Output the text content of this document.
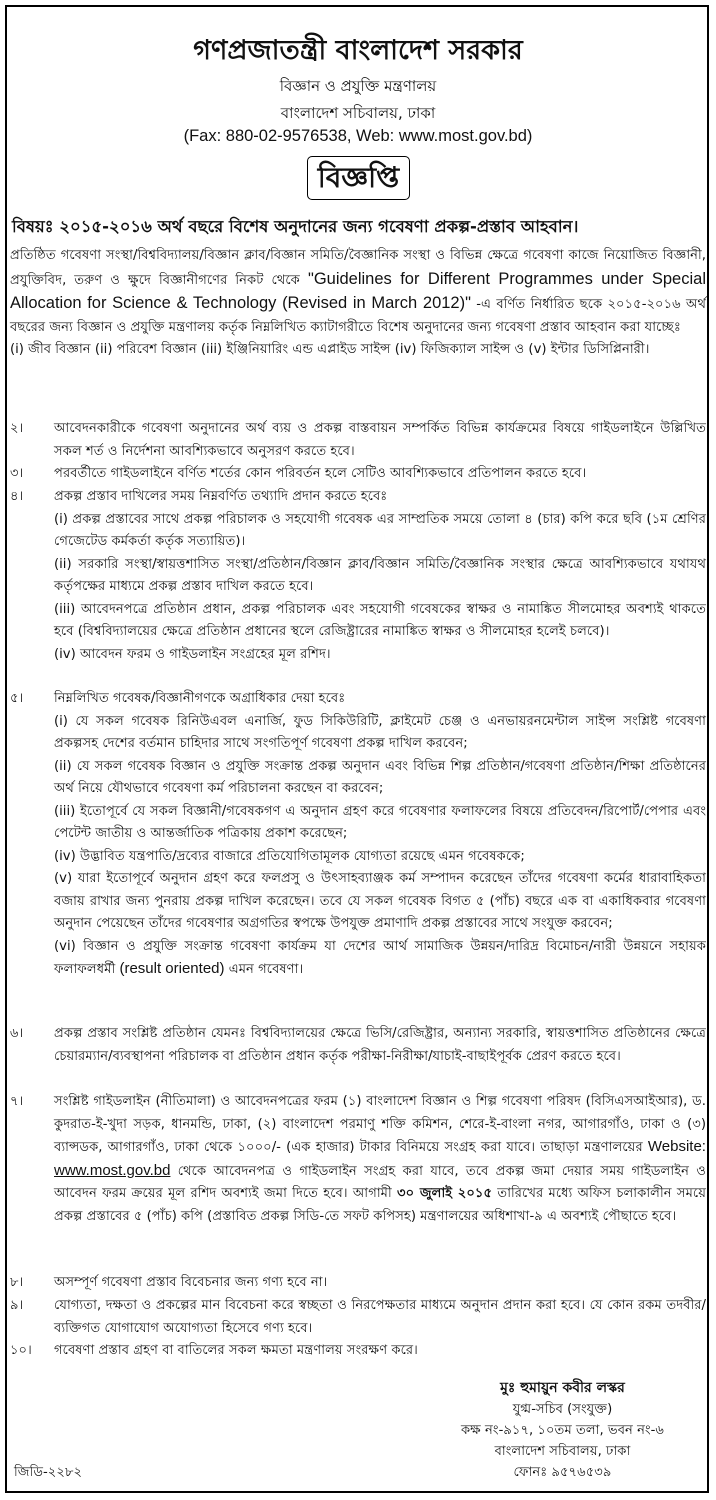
গণপ্রজাতন্ত্রী বাংলাদেশ সরকার
বিজ্ঞান ও প্রযুক্তি মন্ত্রণালয়
বাংলাদেশ সচিবালয়, ঢাকা
(Fax: 880-02-9576538, Web: www.most.gov.bd)
বিজ্ঞপ্তি
বিষয়ঃ ২০১৫-২০১৬ অর্থ বছরে বিশেষ অনুদানের জন্য গবেষণা প্রকল্প-প্রস্তাব আহবান।
প্রতিষ্ঠিত গবেষণা সংস্থা/বিশ্ববিদ্যালয়/বিজ্ঞান ক্লাব/বিজ্ঞান সমিতি/বৈজ্ঞানিক সংস্থা ও বিভিন্ন ক্ষেত্রে গবেষণা কাজে নিয়োজিত বিজ্ঞানী, প্রযুক্তিবিদ, তরুণ ও ক্ষুদে বিজ্ঞানীগণের নিকট থেকে "Guidelines for Different Programmes under Special Allocation for Science & Technology (Revised in March 2012)" -এ বর্ণিত নির্ধারিত ছকে ২০১৫-২০১৬ অর্থ বছরের জন্য বিজ্ঞান ও প্রযুক্তি মন্ত্রণালয় কর্তৃক নিম্নলিখিত ক্যাটাগরীতে বিশেষ অনুদানের জন্য গবেষণা প্রস্তাব আহবান করা যাচ্ছেঃ
(i) জীব বিজ্ঞান (ii) পরিবেশ বিজ্ঞান (iii) ইঞ্জিনিয়ারিং এন্ড এপ্লাইড সাইন্স (iv) ফিজিক্যাল সাইন্স ও (v) ইন্টার ডিসিপ্লিনারী।
২।	আবেদনকারীকে গবেষণা অনুদানের অর্থ ব্যয় ও প্রকল্প বাস্তবায়ন সম্পর্কিত বিভিন্ন কার্যক্রমের বিষয়ে গাইডলাইনে উল্লিখিত সকল শর্ত ও নির্দেশনা আবশ্যিকভাবে অনুসরণ করতে হবে।
৩।	পরবর্তীতে গাইডলাইনে বর্ণিত শর্তের কোন পরিবর্তন হলে সেটিও আবশ্যিকভাবে প্রতিপালন করতে হবে।
৪।	প্রকল্প প্রস্তাব দাখিলের সময় নিম্নবর্ণিত তথ্যাদি প্রদান করতে হবেঃ
(i) প্রকল্প প্রস্তাবের সাথে প্রকল্প পরিচালক ও সহযোগী গবেষক এর সাম্প্রতিক সময়ে তোলা ৪ (চার) কপি করে ছবি (১ম শ্রেণির গেজেটেড কর্মকর্তা কর্তৃক সত্যায়িত)।
(ii) সরকারি সংস্থা/স্বায়ত্তশাসিত সংস্থা/প্রতিষ্ঠান/বিজ্ঞান ক্লাব/বিজ্ঞান সমিতি/বৈজ্ঞানিক সংস্থার ক্ষেত্রে আবশ্যিকভাবে যথাযথ কর্তৃপক্ষের মাধ্যমে প্রকল্প প্রস্তাব দাখিল করতে হবে।
(iii) আবেদনপত্রে প্রতিষ্ঠান প্রধান, প্রকল্প পরিচালক এবং সহযোগী গবেষকের স্বাক্ষর ও নামাঙ্কিত সীলমোহর অবশ্যই থাকতে হবে (বিশ্ববিদ্যালয়ের ক্ষেত্রে প্রতিষ্ঠান প্রধানের স্থলে রেজিষ্ট্রারের নামাঙ্কিত স্বাক্ষর ও সীলমোহর হলেই চলবে)।
(iv) আবেদন ফরম ও গাইডলাইন সংগ্রহের মূল রশিদ।
৫।	নিম্নলিখিত গবেষক/বিজ্ঞানীগণকে অগ্রাধিকার দেয়া হবেঃ
(i) যে সকল গবেষক রিনিউএবল এনার্জি, ফুড সিকিউরিটি, ক্লাইমেট চেঞ্জ ও এনভায়রনমেন্টাল সাইন্স সংশ্লিষ্ট গবেষণা প্রকল্পসহ দেশের বর্তমান চাহিদার সাথে সংগতিপূর্ণ গবেষণা প্রকল্প দাখিল করবেন;
(ii) যে সকল গবেষক বিজ্ঞান ও প্রযুক্তি সংক্রান্ত প্রকল্প অনুদান এবং বিভিন্ন শিল্প প্রতিষ্ঠান/গবেষণা প্রতিষ্ঠান/শিক্ষা প্রতিষ্ঠানের অর্থ নিয়ে যৌথভাবে গবেষণা কর্ম পরিচালনা করছেন বা করবেন;
(iii) ইতোপূর্বে যে সকল বিজ্ঞানী/গবেষকগণ এ অনুদান গ্রহণ করে গবেষণার ফলাফলের বিষয়ে প্রতিবেদন/রিপোর্ট/পেপার এবং পেটেন্ট জাতীয় ও আন্তর্জাতিক পত্রিকায় প্রকাশ করেছেন;
(iv) উদ্ভাবিত যন্ত্রপাতি/দ্রব্যের বাজারে প্রতিযোগিতামূলক যোগ্যতা রয়েছে এমন গবেষককে;
(v) যারা ইতোপূর্বে অনুদান গ্রহণ করে ফলপ্রসু ও উৎসাহব্যাঞ্জক কর্ম সম্পাদন করেছেন তাঁদের গবেষণা কর্মের ধারাবাহিকতা বজায় রাখার জন্য পুনরায় প্রকল্প দাখিল করেছেন। তবে যে সকল গবেষক বিগত ৫ (পাঁচ) বছরে এক বা একাধিকবার গবেষণা অনুদান পেয়েছেন তাঁদের গবেষণার অগ্রগতির স্বপক্ষে উপযুক্ত প্রমাণাদি প্রকল্প প্রস্তাবের সাথে সংযুক্ত করবেন;
(vi) বিজ্ঞান ও প্রযুক্তি সংক্রান্ত গবেষণা কার্যক্রম যা দেশের আর্থ সামাজিক উন্নয়ন/দারিদ্র বিমোচন/নারী উন্নয়নে সহায়ক ফলাফলধর্মী (result oriented) এমন গবেষণা।
৬।	প্রকল্প প্রস্তাব সংশ্লিষ্ট প্রতিষ্ঠান যেমনঃ বিশ্ববিদ্যালয়ের ক্ষেত্রে ভিসি/রেজিষ্ট্রার, অন্যান্য সরকারি, স্বায়ত্তশাসিত প্রতিষ্ঠানের ক্ষেত্রে চেয়ারম্যান/ব্যবস্থাপনা পরিচালক বা প্রতিষ্ঠান প্রধান কর্তৃক পরীক্ষা-নিরীক্ষা/যাচাই-বাছাইপূর্বক প্রেরণ করতে হবে।
৭।	সংশ্লিষ্ট গাইডলাইন (নীতিমালা) ও আবেদনপত্রের ফরম (১) বাংলাদেশ বিজ্ঞান ও শিল্প গবেষণা পরিষদ (বিসিএসআইআর), ড. কুদরাত-ই-খুদা সড়ক, ধানমন্ডি, ঢাকা, (২) বাংলাদেশ পরমাণু শক্তি কমিশন, শেরে-ই-বাংলা নগর, আগারগাঁও, ঢাকা ও (৩) ব্যান্সডক, আগারগাঁও, ঢাকা থেকে ১০০০/- (এক হাজার) টাকার বিনিময়ে সংগ্রহ করা যাবে। তাছাড়া মন্ত্রণালয়ের Website: www.most.gov.bd থেকে আবেদনপত্র ও গাইডলাইন সংগ্রহ করা যাবে, তবে প্রকল্প জমা দেয়ার সময় গাইডলাইন ও আবেদন ফরম ক্রয়ের মূল রশিদ অবশ্যই জমা দিতে হবে। আগামী ৩০ জুলাই ২০১৫ তারিখের মধ্যে অফিস চলাকালীন সময়ে প্রকল্প প্রস্তাবের ৫ (পাঁচ) কপি (প্রস্তাবিত প্রকল্প সিডি-তে সফট কপিসহ) মন্ত্রণালয়ের অধিশাখা-৯ এ অবশ্যই পৌছাতে হবে।
৮।	অসম্পূর্ণ গবেষণা প্রস্তাব বিবেচনার জন্য গণ্য হবে না।
৯।	যোগ্যতা, দক্ষতা ও প্রকল্পের মান বিবেচনা করে স্বচ্ছতা ও নিরপেক্ষতার মাধ্যমে অনুদান প্রদান করা হবে। যে কোন রকম তদবীর/ব্যক্তিগত যোগাযোগ অযোগ্যতা হিসেবে গণ্য হবে।
১০।	গবেষণা প্রস্তাব গ্রহণ বা বাতিলের সকল ক্ষমতা মন্ত্রণালয় সংরক্ষণ করে।
মুঃ হুমায়ুন কবীর লস্কর
যুগ্ম-সচিব (সংযুক্ত)
কক্ষ নং-৯১৭, ১০তম তলা, ভবন নং-৬
বাংলাদেশ সচিবালয়, ঢাকা
ফোনঃ ৯৫৭৬৫৩৯
জিডি-২২৮২
